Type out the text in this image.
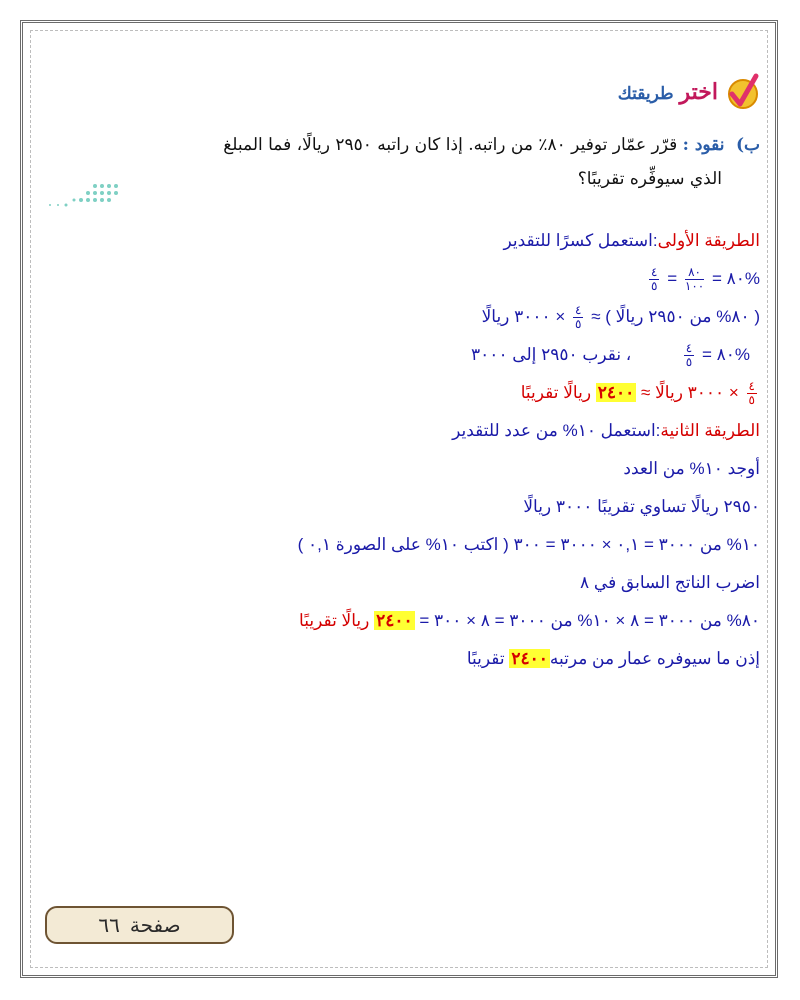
اخترطريقتك
ب) نقود : قرّر عمّار توفير ٨٠٪ من راتبه. إذا كان راتبه ٢٩٥٠ ريالًا، فما المبلغ
الذي سيوفِّره تقريبًا؟
الطريقة الأولى:استعمل كسرًا للتقدير
%٨٠ =
$\frac{٨٠}{١٠٠}$
=
$\frac{٤}{٥}$
( ٨٠% من ٢٩٥٠ ريالًا ) ≈
$\frac{٤}{٥}$
× ٣٠٠٠ ريالًا
%٨٠ =
$\frac{٤}{٥}$
، نقرب ٢٩٥٠ إلى ٣٠٠٠
$\frac{٤}{٥}$
× ٣٠٠٠ ريالًا ≈ ٢٤٠٠ ريالًا تقريبًا
الطريقة الثانية:استعمل ١٠% من عدد للتقدير
أوجد ١٠% من العدد
٢٩٥٠ ريالًا تساوي تقريبًا ٣٠٠٠ ريالًا
١٠% من ٣٠٠٠ = ٠,١ × ٣٠٠٠ = ٣٠٠ ( اكتب ١٠% على الصورة ٠,١ )
اضرب الناتج السابق في ٨
٨٠% من ٣٠٠٠ = ٨ × ١٠% من ٣٠٠٠ = ٨ × ٣٠٠ = ٢٤٠٠ ريالًا تقريبًا
إذن ما سيوفره عمار من مرتبه٢٤٠٠ تقريبًا
صفحة
٦٦
